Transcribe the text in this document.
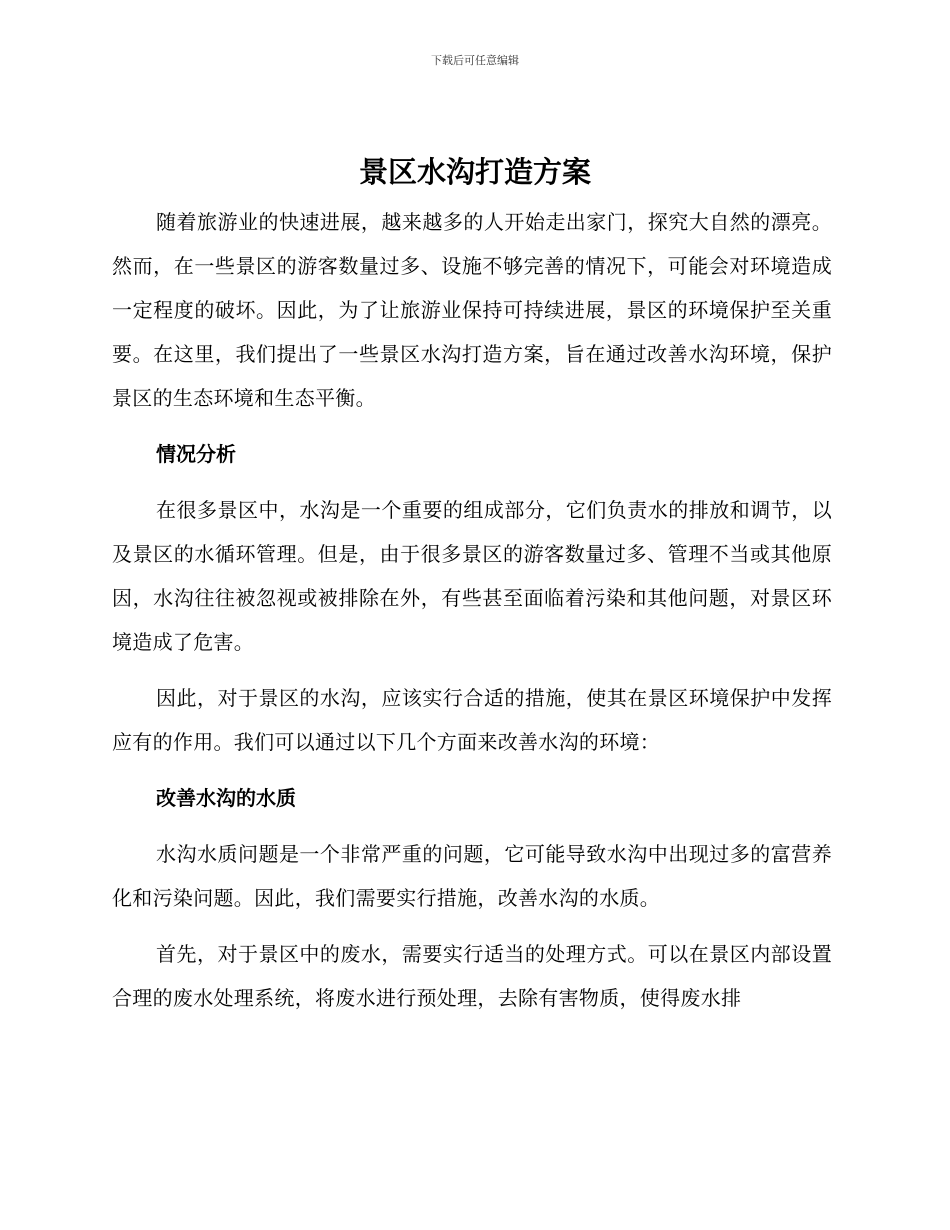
下载后可任意编辑
景区水沟打造方案

随着旅游业的快速进展，越来越多的人开始走出家门，探究大自然的漂亮。然而，在一些景区的游客数量过多、设施不够完善的情况下，可能会对环境造成一定程度的破坏。因此，为了让旅游业保持可持续进展，景区的环境保护至关重要。在这里，我们提出了一些景区水沟打造方案，旨在通过改善水沟环境，保护景区的生态环境和生态平衡。

情况分析

在很多景区中，水沟是一个重要的组成部分，它们负责水的排放和调节，以及景区的水循环管理。但是，由于很多景区的游客数量过多、管理不当或其他原因，水沟往往被忽视或被排除在外，有些甚至面临着污染和其他问题，对景区环境造成了危害。

因此，对于景区的水沟，应该实行合适的措施，使其在景区环境保护中发挥应有的作用。我们可以通过以下几个方面来改善水沟的环境：

改善水沟的水质

水沟水质问题是一个非常严重的问题，它可能导致水沟中出现过多的富营养化和污染问题。因此，我们需要实行措施，改善水沟的水质。

首先，对于景区中的废水，需要实行适当的处理方式。可以在景区内部设置合理的废水处理系统，将废水进行预处理，去除有害物质，使得废水排
